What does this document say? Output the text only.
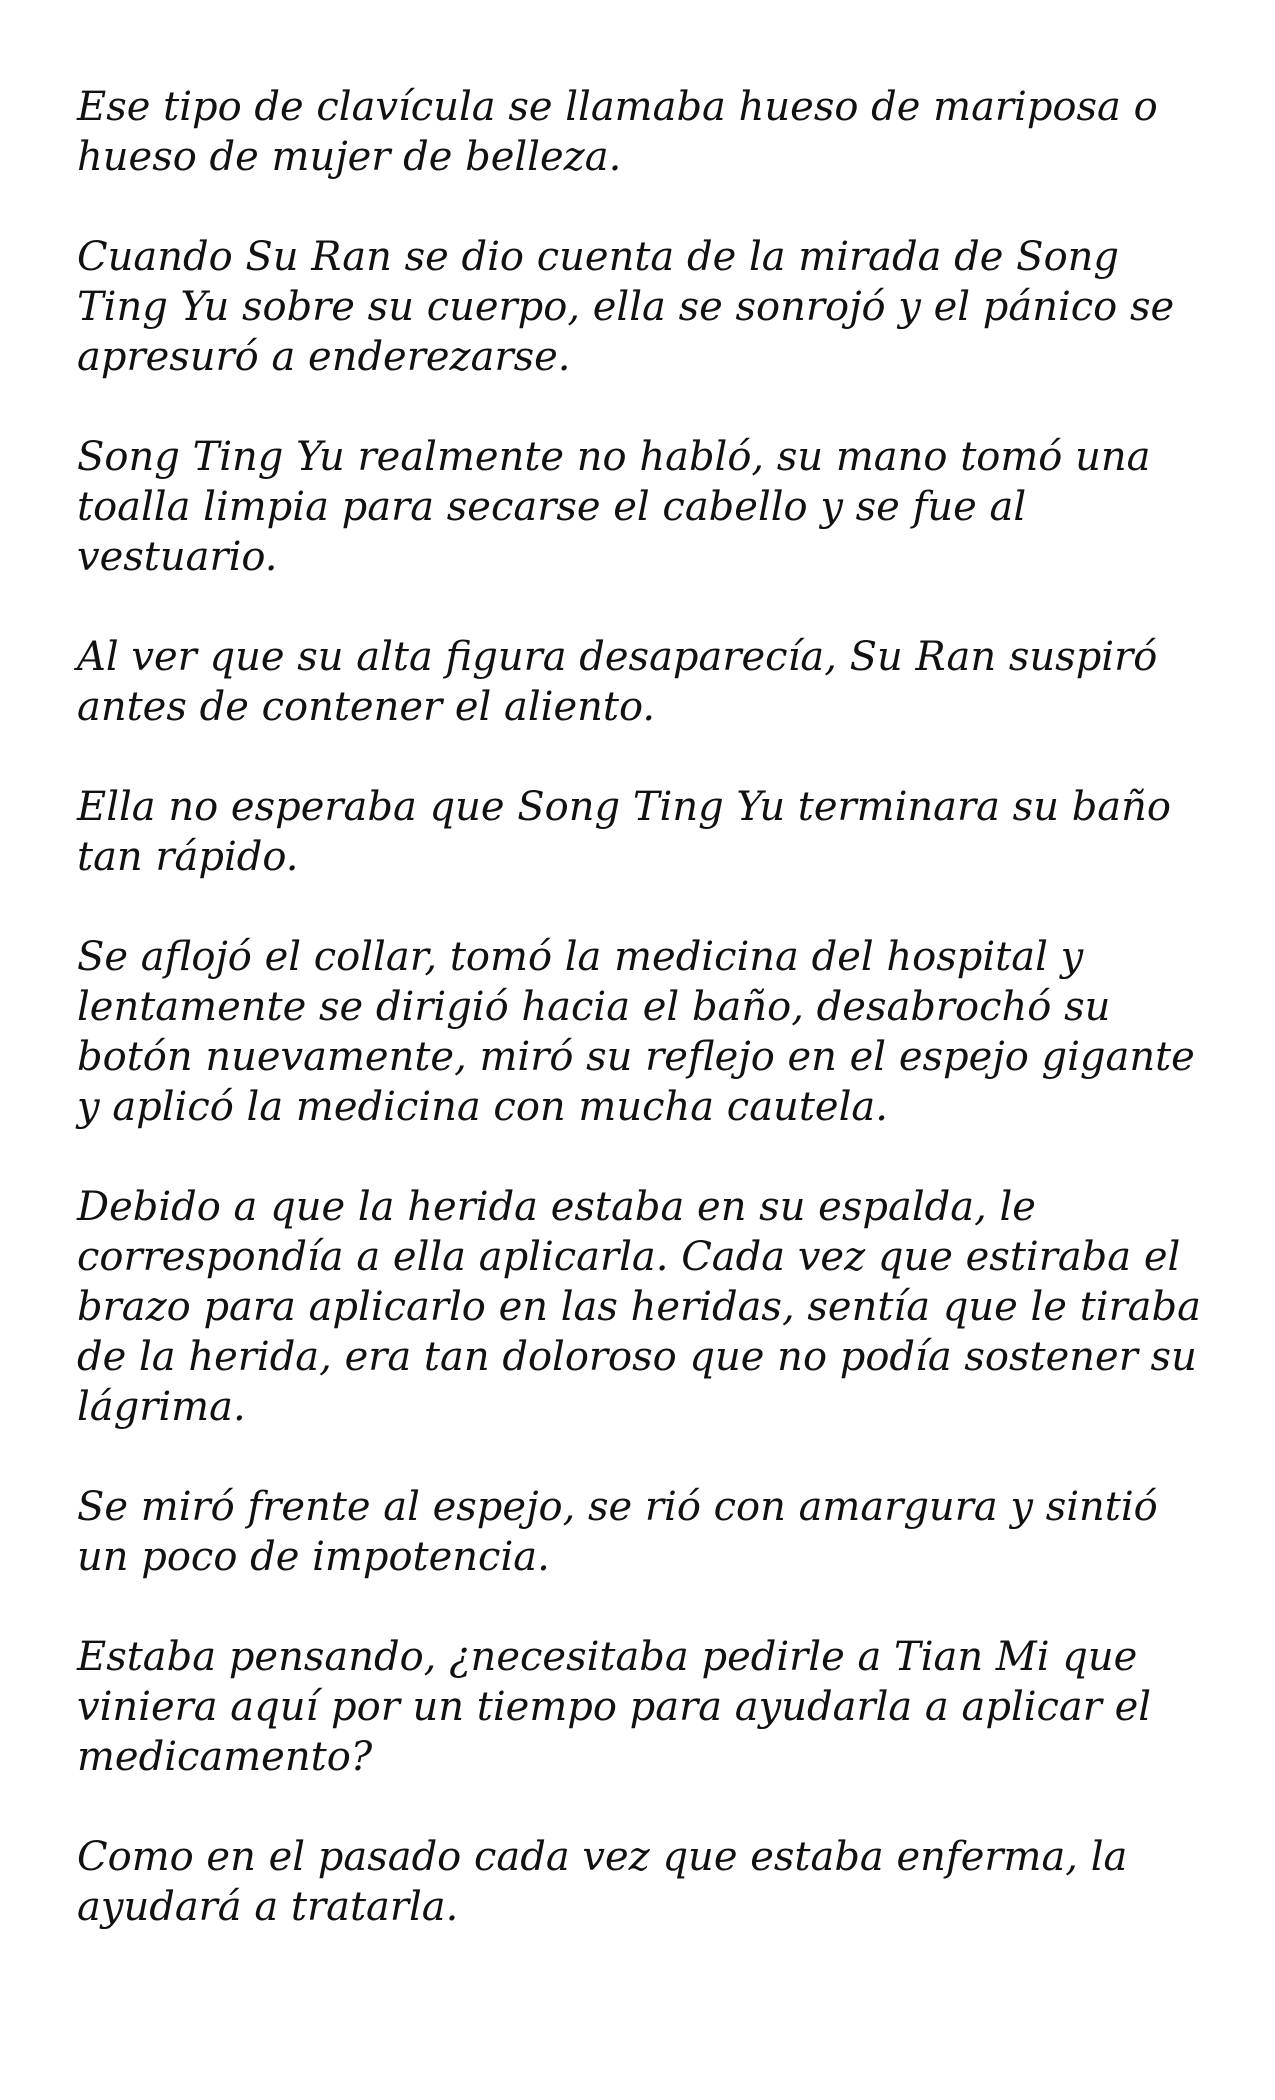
Ese tipo de clavícula se llamaba hueso de mariposa o hueso de mujer de belleza.

Cuando Su Ran se dio cuenta de la mirada de Song Ting Yu sobre su cuerpo, ella se sonrojó y el pánico se apresuró a enderezarse.

Song Ting Yu realmente no habló, su mano tomó una toalla limpia para secarse el cabello y se fue al vestuario.

Al ver que su alta figura desaparecía, Su Ran suspiró antes de contener el aliento.

Ella no esperaba que Song Ting Yu terminara su baño tan rápido.

Se aflojó el collar, tomó la medicina del hospital y lentamente se dirigió hacia el baño, desabrochó su botón nuevamente, miró su reflejo en el espejo gigante y aplicó la medicina con mucha cautela.

Debido a que la herida estaba en su espalda, le correspondía a ella aplicarla. Cada vez que estiraba el brazo para aplicarlo en las heridas, sentía que le tiraba de la herida, era tan doloroso que no podía sostener su lágrima.

Se miró frente al espejo, se rió con amargura y sintió un poco de impotencia.

Estaba pensando, ¿necesitaba pedirle a Tian Mi que viniera aquí por un tiempo para ayudarla a aplicar el medicamento?

Como en el pasado cada vez que estaba enferma, la ayudará a tratarla.
